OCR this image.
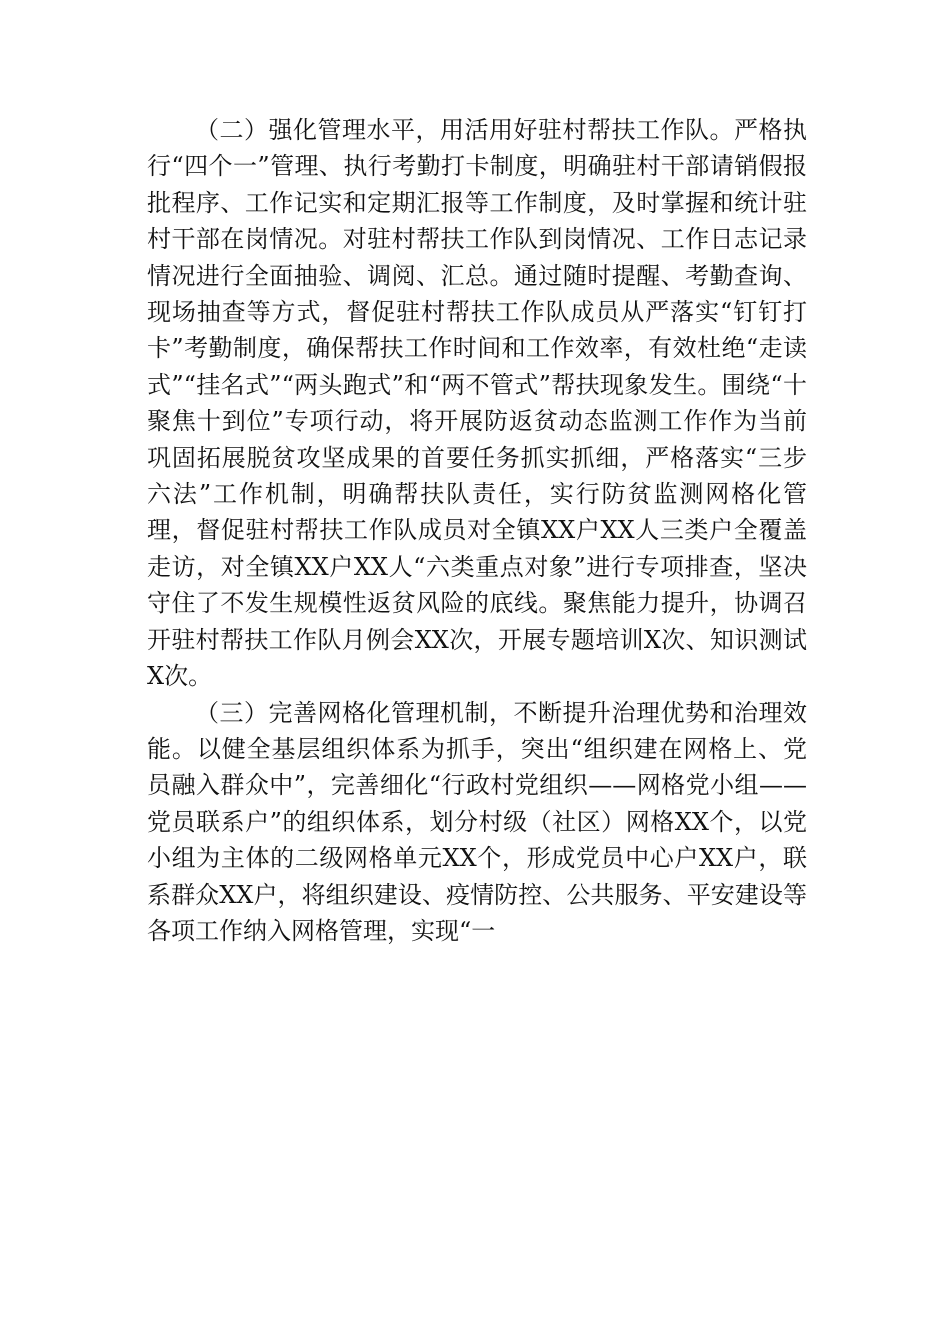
（二）强化管理水平，用活用好驻村帮扶工作队。严格执行“四个一”管理、执行考勤打卡制度，明确驻村干部请销假报批程序、工作记实和定期汇报等工作制度，及时掌握和统计驻村干部在岗情况。对驻村帮扶工作队到岗情况、工作日志记录情况进行全面抽验、调阅、汇总。通过随时提醒、考勤查询、现场抽查等方式，督促驻村帮扶工作队成员从严落实“钉钉打卡”考勤制度，确保帮扶工作时间和工作效率，有效杜绝“走读式”“挂名式”“两头跑式”和“两不管式”帮扶现象发生。围绕“十聚焦十到位”专项行动，将开展防返贫动态监测工作作为当前巩固拓展脱贫攻坚成果的首要任务抓实抓细，严格落实“三步六法”工作机制，明确帮扶队责任，实行防贫监测网格化管理，督促驻村帮扶工作队成员对全镇XX户XX人三类户全覆盖走访，对全镇XX户XX人“六类重点对象”进行专项排查，坚决守住了不发生规模性返贫风险的底线。聚焦能力提升，协调召开驻村帮扶工作队月例会XX次，开展专题培训X次、知识测试X次。

（三）完善网格化管理机制，不断提升治理优势和治理效能。以健全基层组织体系为抓手，突出“组织建在网格上、党员融入群众中”，完善细化“行政村党组织——网格党小组——党员联系户”的组织体系，划分村级（社区）网格XX个，以党小组为主体的二级网格单元XX个，形成党员中心户XX户，联系群众XX户，将组织建设、疫情防控、公共服务、平安建设等各项工作纳入网格管理，实现“一
